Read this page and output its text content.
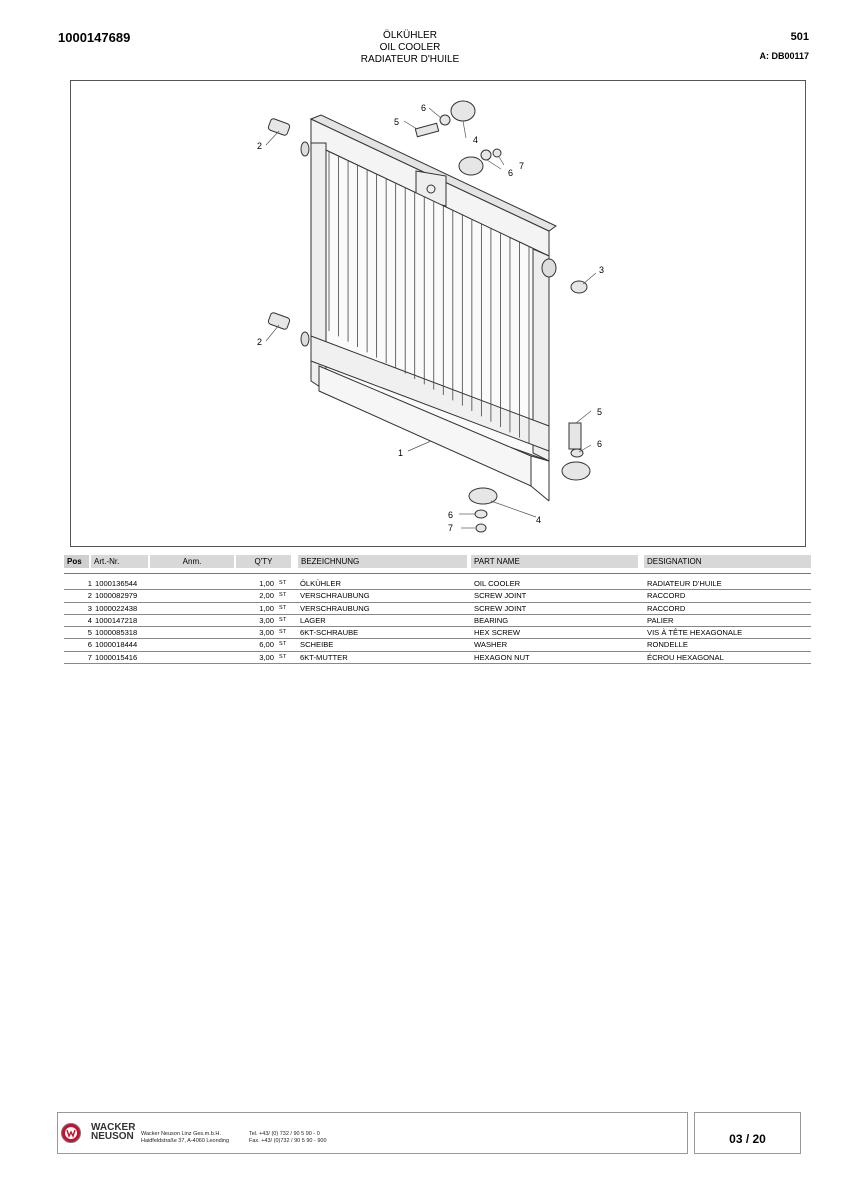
1000147689	ÖLKÜHLER
OIL COOLER
RADIATEUR D'HUILE
501
A: DB00117
2
2
3
1
4
4
5
5
6
6
6
7
7
6
Pos	Art.-Nr.	Anm.	Q'TY	BEZEICHNUNG	PART NAME	DESIGNATION
1 1000136544	1,00 ST ÖLKÜHLER	OIL COOLER	RADIATEUR D'HUILE
2 1000082979	2,00 ST VERSCHRAUBUNG	SCREW JOINT	RACCORD
3 1000022438	1,00 ST VERSCHRAUBUNG	SCREW JOINT	RACCORD
4 1000147218	3,00 ST LAGER	BEARING	PALIER
5 1000085318	3,00 ST 6KT-SCHRAUBE	HEX SCREW	VIS À TÊTE HEXAGONALE
6 1000018444	6,00 ST SCHEIBE	WASHER	RONDELLE
7 1000015416	3,00 ST 6KT-MUTTER	HEXAGON NUT	ÉCROU HEXAGONAL
WACKER
NEUSON	Wacker Neuson Linz Ges.m.b.H.
Haidfeldstraße 37, A-4060 Leonding
Tel. +43/ (0) 732 / 90 5 90 - 0
Fax. +43/ (0)732 / 90 5 90 - 900	03 / 20
